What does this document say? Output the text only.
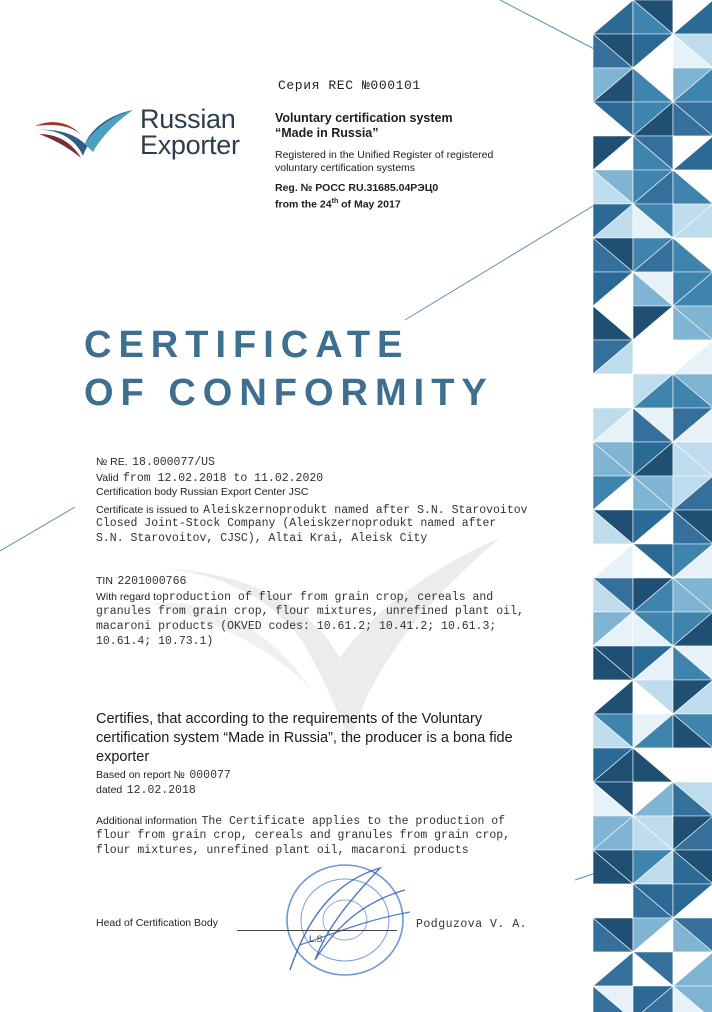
Серия REC №000101
Russian
Exporter
Voluntary certification system
“Made in Russia”
Registered in the Unified Register of registered
voluntary certification systems
Reg. № РОСС RU.31685.04РЭЦ0
from the 24th of May 2017
CERTIFICATE
OF CONFORMITY
№ RE. 18.000077/US
Valid from 12.02.2018 to 11.02.2020
Certification body Russian Export Center JSC
Certificate is issued to Aleiskzernoprodukt named after S.N. Starovoitov
Closed Joint-Stock Company (Aleiskzernoprodukt named after
S.N. Starovoitov, CJSC), Altai Krai, Aleisk City
TIN 2201000766
With regard toproduction of flour from grain crop, cereals and
granules from grain crop, flour mixtures, unrefined plant oil,
macaroni products (OKVED codes: 10.61.2; 10.41.2; 10.61.3;
10.61.4; 10.73.1)
Certifies, that according to the requirements of the Voluntary certification system “Made in Russia”, the producer is a bona fide exporter
Based on report № 000077
dated 12.02.2018
Additional information The Certificate applies to the production of
flour from grain crop, cereals and granules from grain crop,
flour mixtures, unrefined plant oil, macaroni products
Head of Certification Body
L.S.
Podguzova V. A.
